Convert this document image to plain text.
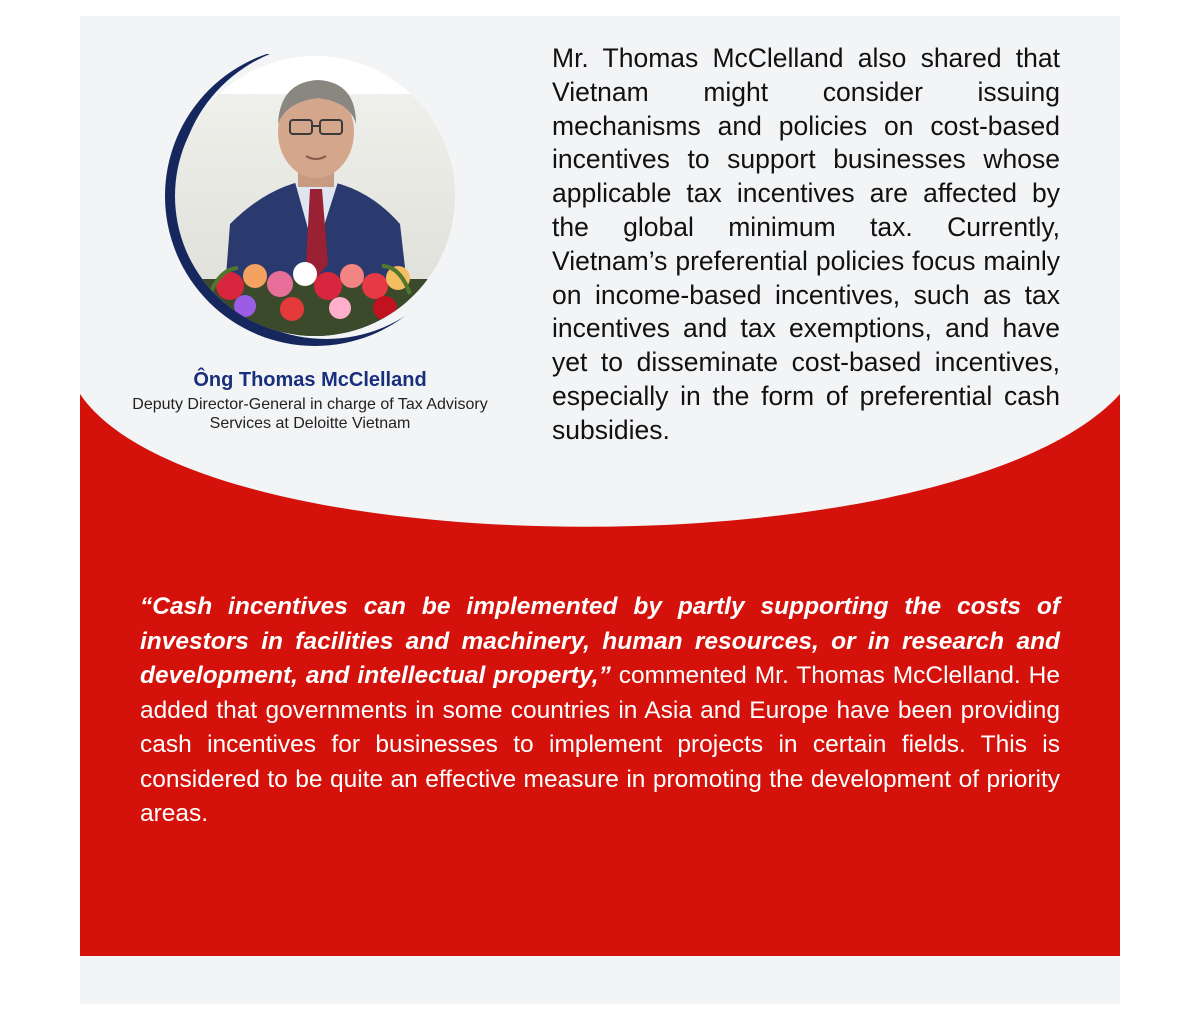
Ông Thomas McClelland

Deputy Director-General in charge of Tax Advisory Services at Deloitte Vietnam

Mr. Thomas McClelland also shared that Vietnam might consider issuing mechanisms and policies on cost-based incentives to support businesses whose applicable tax incentives are affected by the global minimum tax. Currently, Vietnam’s preferential policies focus mainly on income-based incentives, such as tax incentives and tax exemptions, and have yet to disseminate cost-based incentives, especially in the form of preferential cash subsidies.

“Cash incentives can be implemented by partly supporting the costs of investors in facilities and machinery, human resources, or in research and development, and intellectual property,” commented Mr. Thomas McClelland. He added that governments in some countries in Asia and Europe have been providing cash incentives for businesses to implement projects in certain fields. This is considered to be quite an effective measure in promoting the development of priority areas.
